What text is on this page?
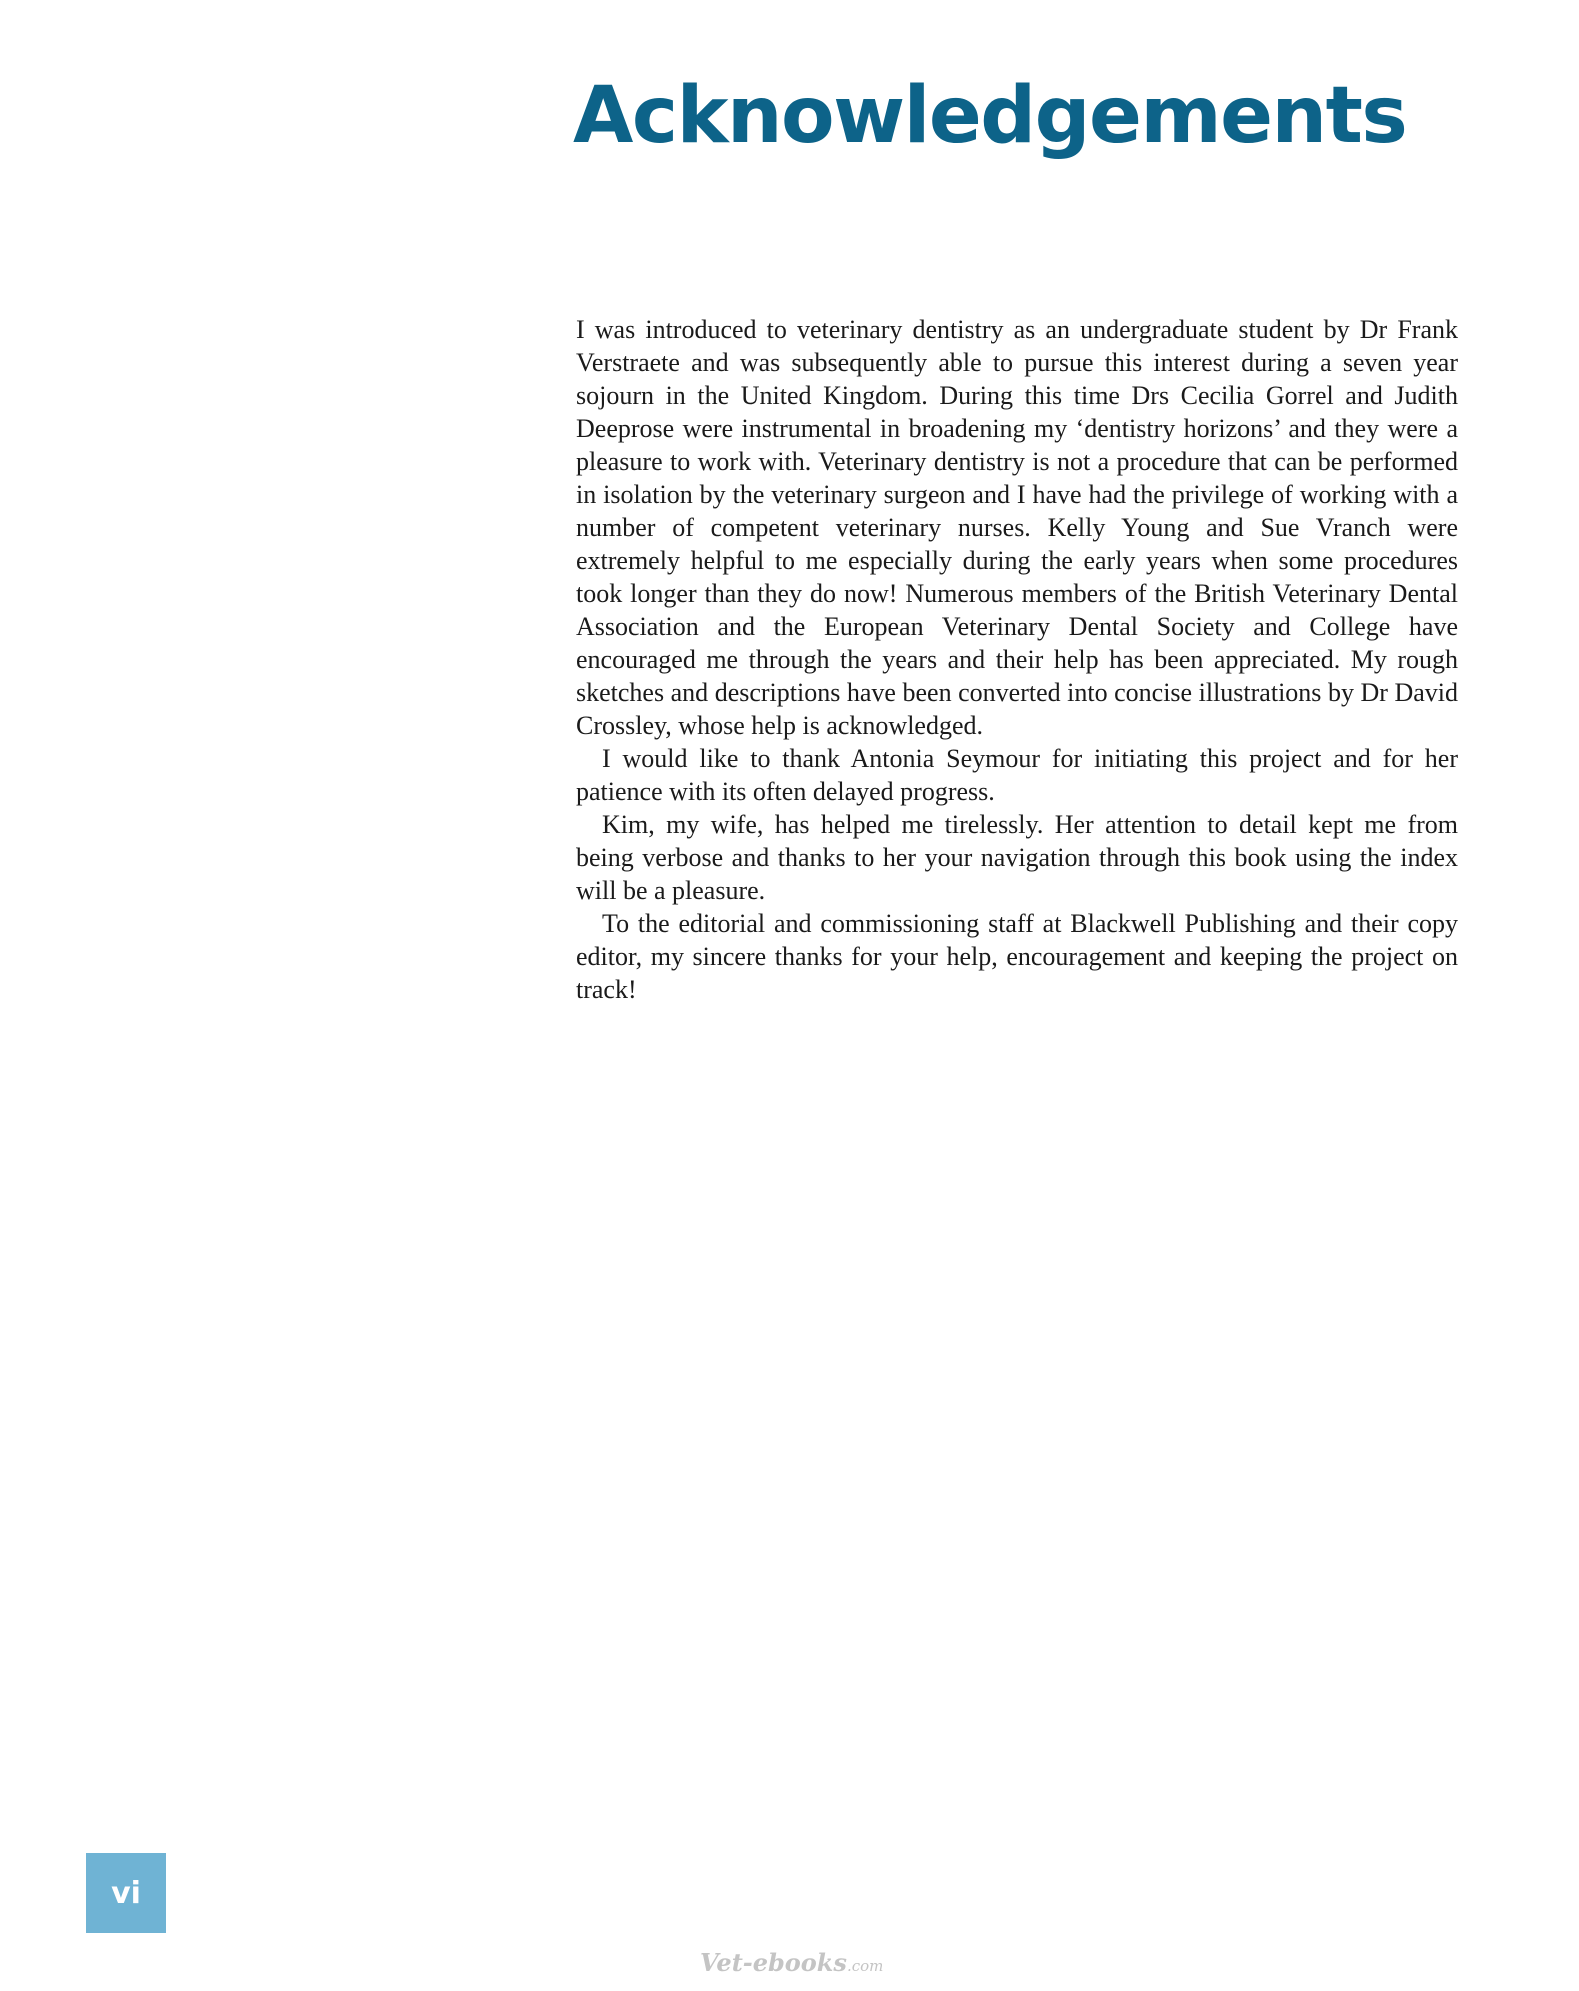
Acknowledgements

I was introduced to veterinary dentistry as an undergraduate student by Dr Frank Verstraete and was subsequently able to pursue this interest during a seven year sojourn in the United Kingdom. During this time Drs Cecilia Gorrel and Judith Deeprose were instrumental in broadening my ‘dentistry horizons’ and they were a pleasure to work with. Veterinary dentistry is not a procedure that can be performed in isolation by the veterinary surgeon and I have had the privilege of working with a number of competent veterinary nurses. Kelly Young and Sue Vranch were extremely helpful to me especially during the early years when some procedures took longer than they do now! Numerous members of the British Veterinary Dental Association and the European Veterinary Dental Society and College have encouraged me through the years and their help has been appreciated. My rough sketches and descriptions have been converted into concise illustrations by Dr David Crossley, whose help is acknowledged.

I would like to thank Antonia Seymour for initiating this project and for her patience with its often delayed progress.

Kim, my wife, has helped me tirelessly. Her attention to detail kept me from being verbose and thanks to her your navigation through this book using the index will be a pleasure.

To the editorial and commissioning staff at Blackwell Publishing and their copy editor, my sincere thanks for your help, encouragement and keeping the project on track!

vi
Vet-ebooks.com
